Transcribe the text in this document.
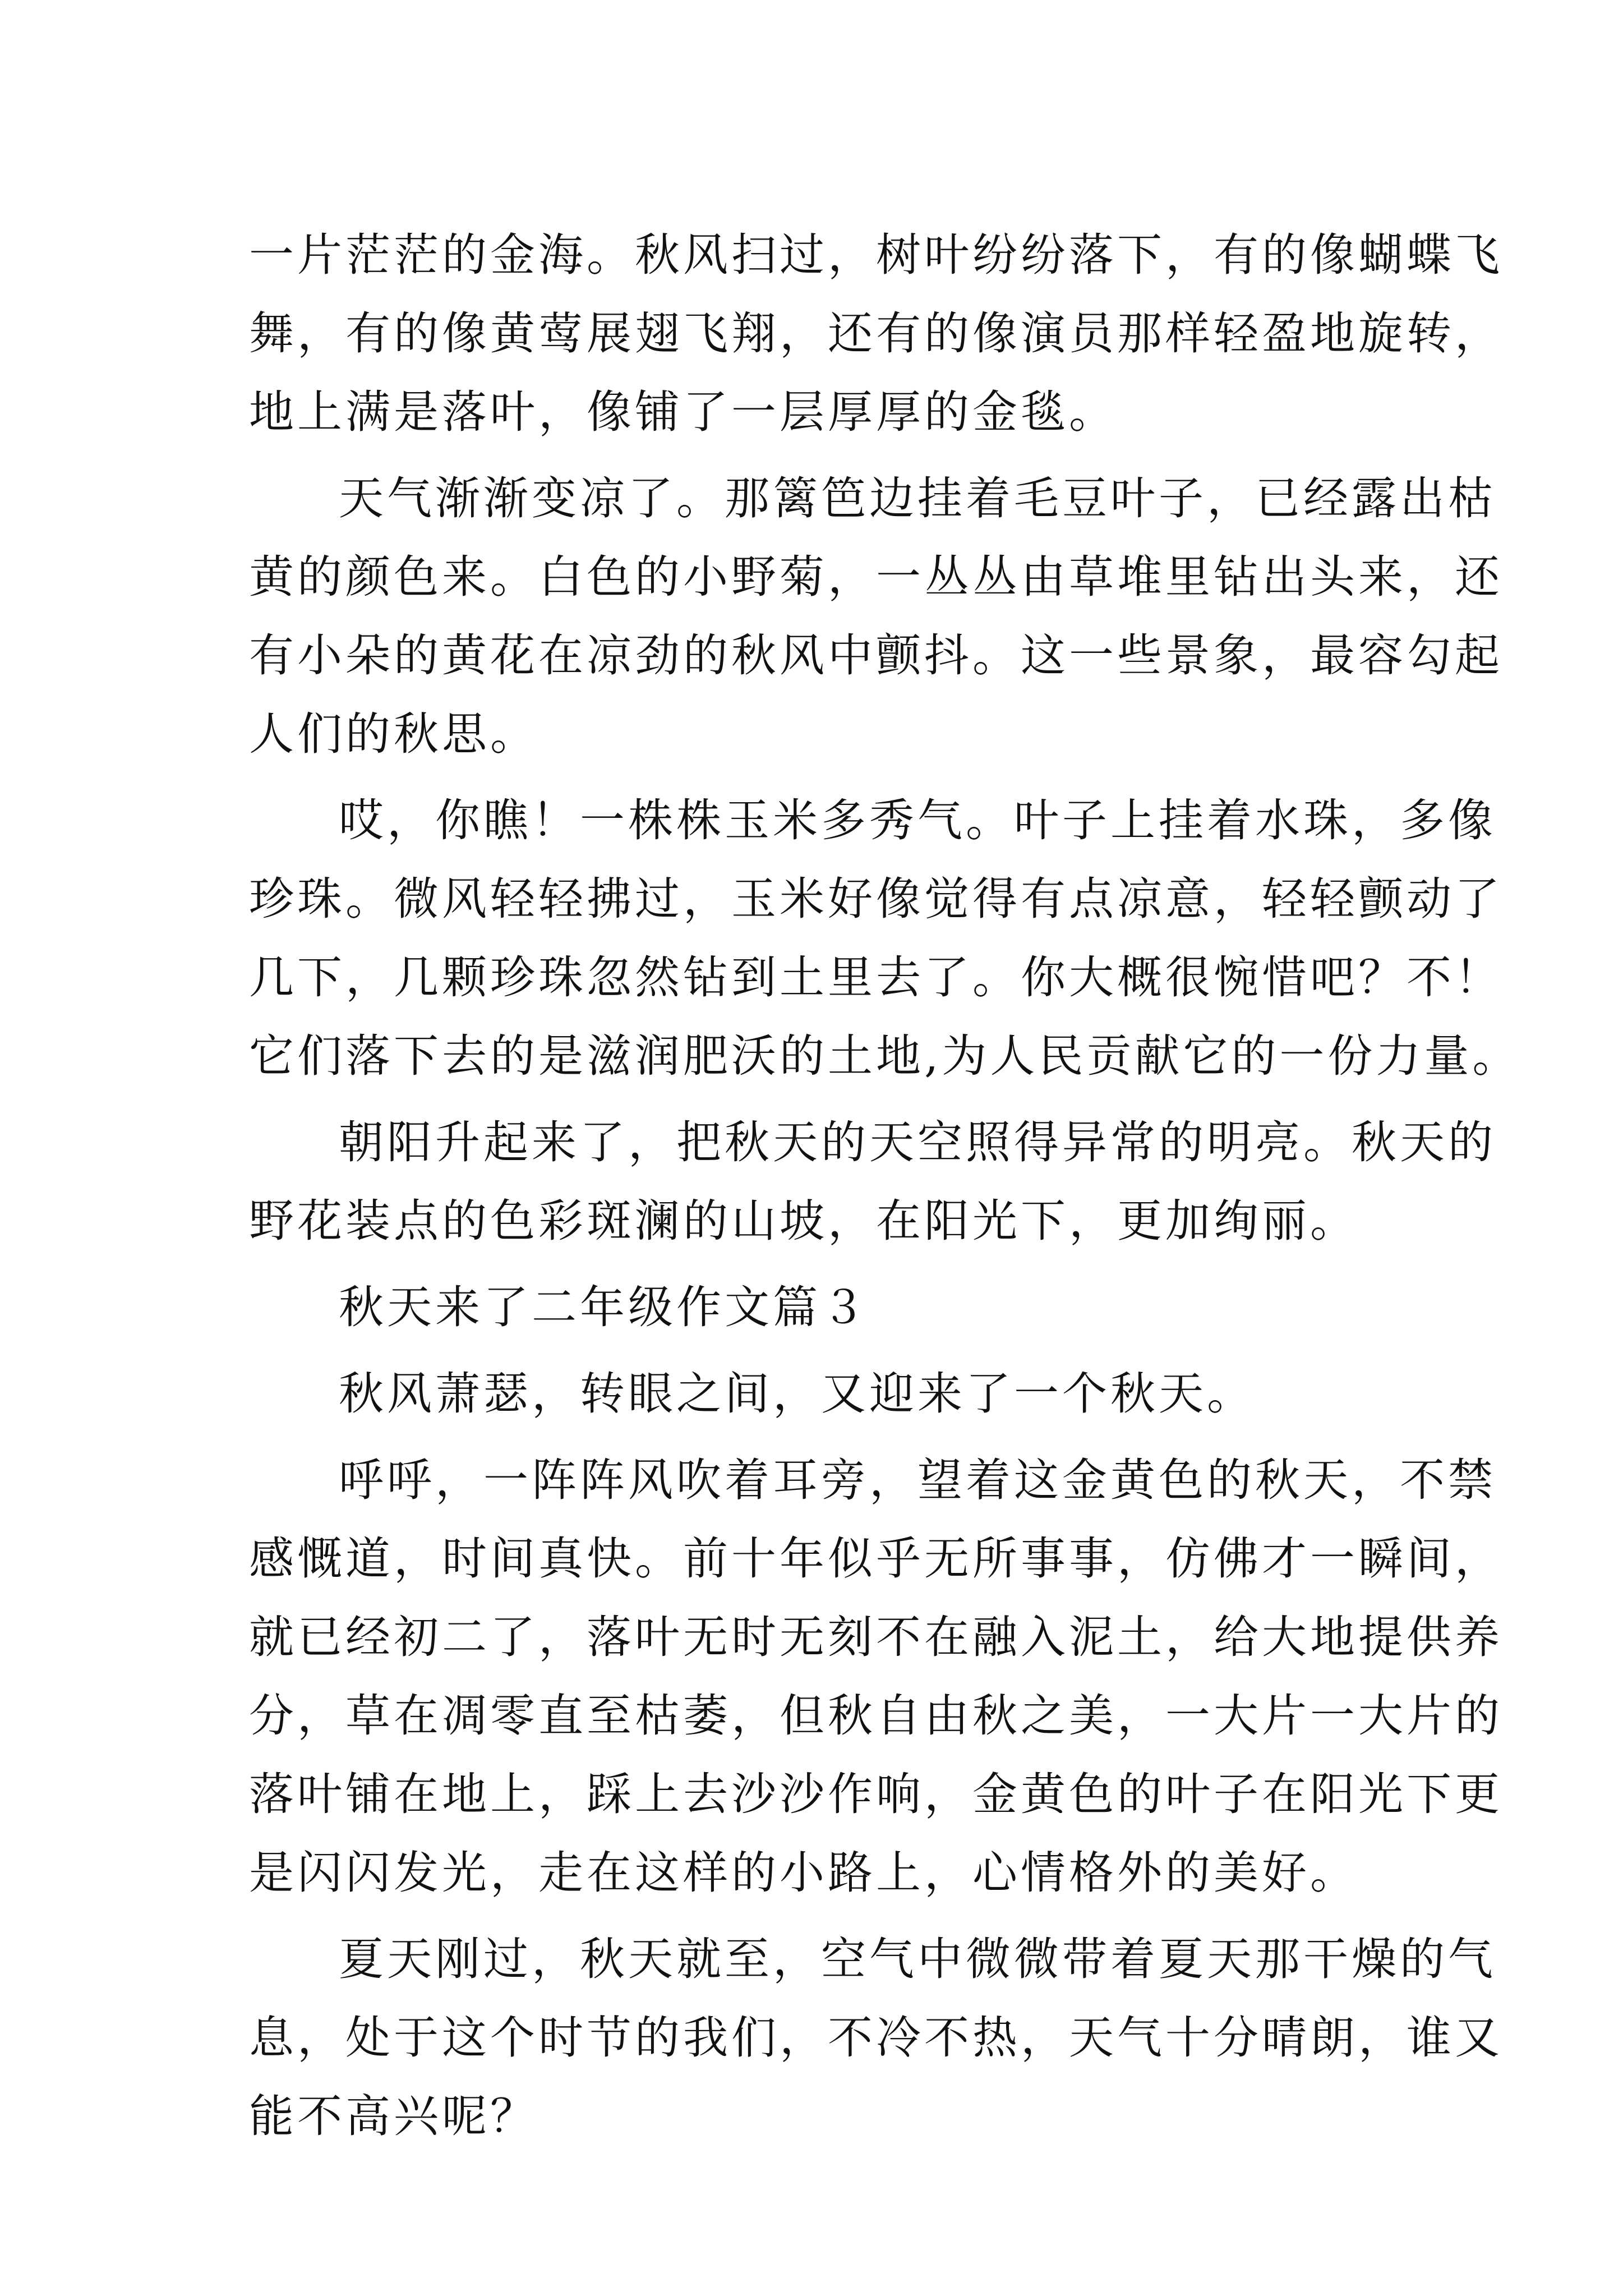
一片茫茫的金海。秋风扫过，树叶纷纷落下，有的像蝴蝶飞
舞，有的像黄莺展翅飞翔，还有的像演员那样轻盈地旋转，
地上满是落叶，像铺了一层厚厚的金毯。
天气渐渐变凉了。那篱笆边挂着毛豆叶子，已经露出枯
黄的颜色来。白色的小野菊，一丛丛由草堆里钻出头来，还
有小朵的黄花在凉劲的秋风中颤抖。这一些景象，最容勾起
人们的秋思。
哎，你瞧！一株株玉米多秀气。叶子上挂着水珠，多像
珍珠。微风轻轻拂过，玉米好像觉得有点凉意，轻轻颤动了
几下，几颗珍珠忽然钻到土里去了。你大概很惋惜吧？不！
它们落下去的是滋润肥沃的土地,为人民贡献它的一份力量。
朝阳升起来了，把秋天的天空照得异常的明亮。秋天的
野花装点的色彩斑澜的山坡，在阳光下，更加绚丽。
秋天来了二年级作文篇３
秋风萧瑟，转眼之间，又迎来了一个秋天。
呼呼，一阵阵风吹着耳旁，望着这金黄色的秋天，不禁
感慨道，时间真快。前十年似乎无所事事，仿佛才一瞬间，
就已经初二了，落叶无时无刻不在融入泥土，给大地提供养
分，草在凋零直至枯萎，但秋自由秋之美，一大片一大片的
落叶铺在地上，踩上去沙沙作响，金黄色的叶子在阳光下更
是闪闪发光，走在这样的小路上，心情格外的美好。
夏天刚过，秋天就至，空气中微微带着夏天那干燥的气
息，处于这个时节的我们，不冷不热，天气十分晴朗，谁又
能不高兴呢？
